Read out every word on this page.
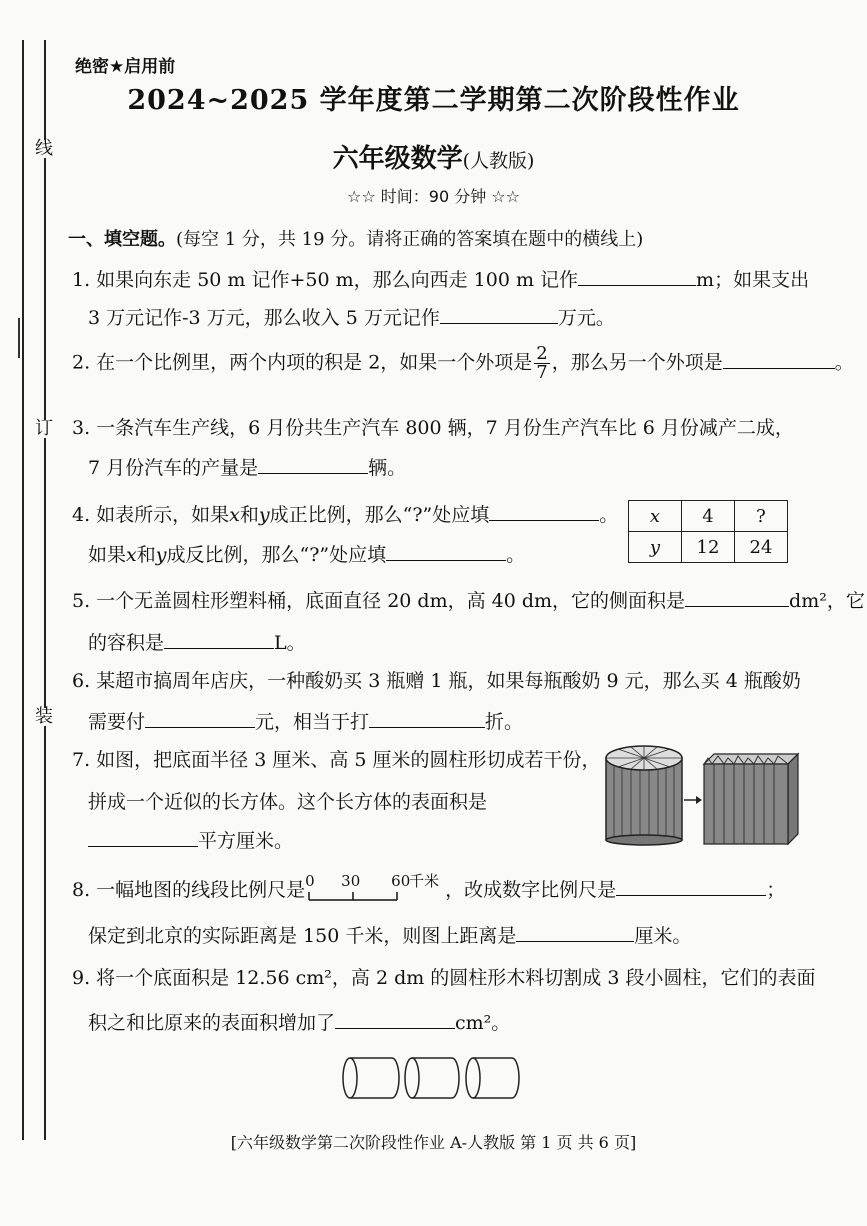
线
订
装
绝密★启用前
2024~2025 学年度第二学期第二次阶段性作业
六年级数学(人教版)
☆☆ 时间：90 分钟 ☆☆
一、填空题。(每空 1 分，共 19 分。请将正确的答案填在题中的横线上)
1. 如果向东走 50 m 记作+50 m，那么向西走 100 m 记作	m；如果支出
3 万元记作-3 万元，那么收入 5 万元记作	万元。
2. 在一个比例里，两个内项的积是 2，如果一个外项是 $\frac{2}{7}$ ，那么另一个外项是	。
3. 一条汽车生产线，6 月份共生产汽车 800 辆，7 月份生产汽车比 6 月份减产二成，
7 月份汽车的产量是	辆。
4. 如表所示，如果x和y成正比例，那么“?”处应填	。
如果x和y成反比例，那么“?”处应填	。
x	4	?
y	12	24
5. 一个无盖圆柱形塑料桶，底面直径 20 dm，高 40 dm，它的侧面积是	dm²，它
的容积是	L。
6. 某超市搞周年店庆，一种酸奶买 3 瓶赠 1 瓶，如果每瓶酸奶 9 元，那么买 4 瓶酸奶
需要付	元，相当于打	折。
7. 如图，把底面半径 3 厘米、高 5 厘米的圆柱形切成若干份，
拼成一个近似的长方体。这个长方体的表面积是
平方厘米。
8. 一幅地图的线段比例尺是 0 30 60
千米 ，改成数字比例尺是	；
保定到北京的实际距离是 150 千米，则图上距离是	厘米。
9. 将一个底面积是 12.56 cm²，高 2 dm 的圆柱形木料切割成 3 段小圆柱，它们的表面
积之和比原来的表面积增加了	cm²。
[六年级数学第二次阶段性作业 A-人教版 第 1 页 共 6 页]
